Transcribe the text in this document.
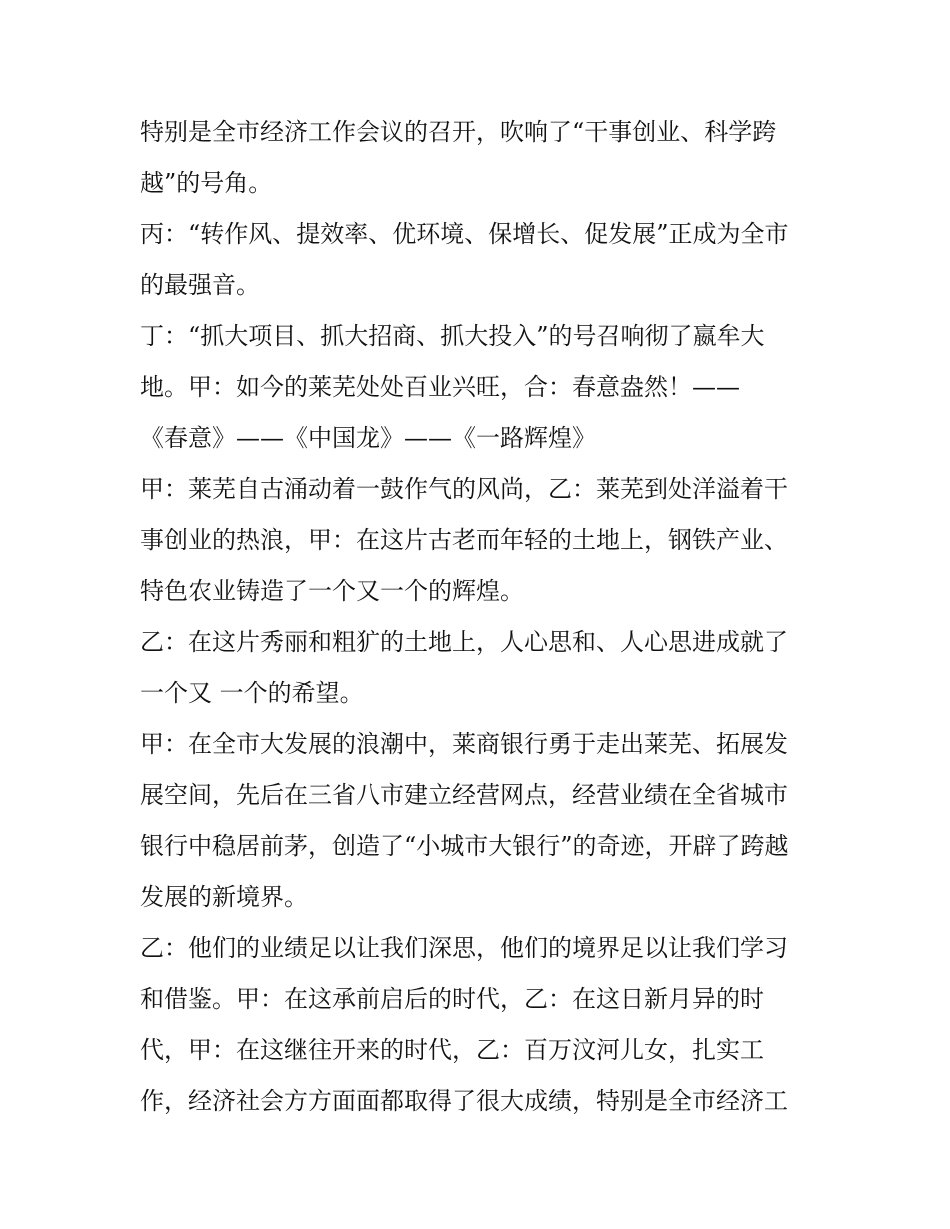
特别是全市经济工作会议的召开，吹响了“干事创业、科学跨
越”的号角。
丙：“转作风、提效率、优环境、保增长、促发展”正成为全市
的最强音。
丁：“抓大项目、抓大招商、抓大投入”的号召响彻了嬴牟大
地。甲：如今的莱芜处处百业兴旺，合：春意盎然！——
《春意》——《中国龙》——《一路辉煌》
甲：莱芜自古涌动着一鼓作气的风尚，乙：莱芜到处洋溢着干
事创业的热浪，甲：在这片古老而年轻的土地上，钢铁产业、
特色农业铸造了一个又一个的辉煌。
乙：在这片秀丽和粗犷的土地上，人心思和、人心思进成就了
一个又 一个的希望。
甲：在全市大发展的浪潮中，莱商银行勇于走出莱芜、拓展发
展空间，先后在三省八市建立经营网点，经营业绩在全省城市
银行中稳居前茅，创造了“小城市大银行”的奇迹，开辟了跨越
发展的新境界。
乙：他们的业绩足以让我们深思，他们的境界足以让我们学习
和借鉴。甲：在这承前启后的时代，乙：在这日新月异的时
代，甲：在这继往开来的时代，乙：百万汶河儿女，扎实工
作，经济社会方方面面都取得了很大成绩，特别是全市经济工
